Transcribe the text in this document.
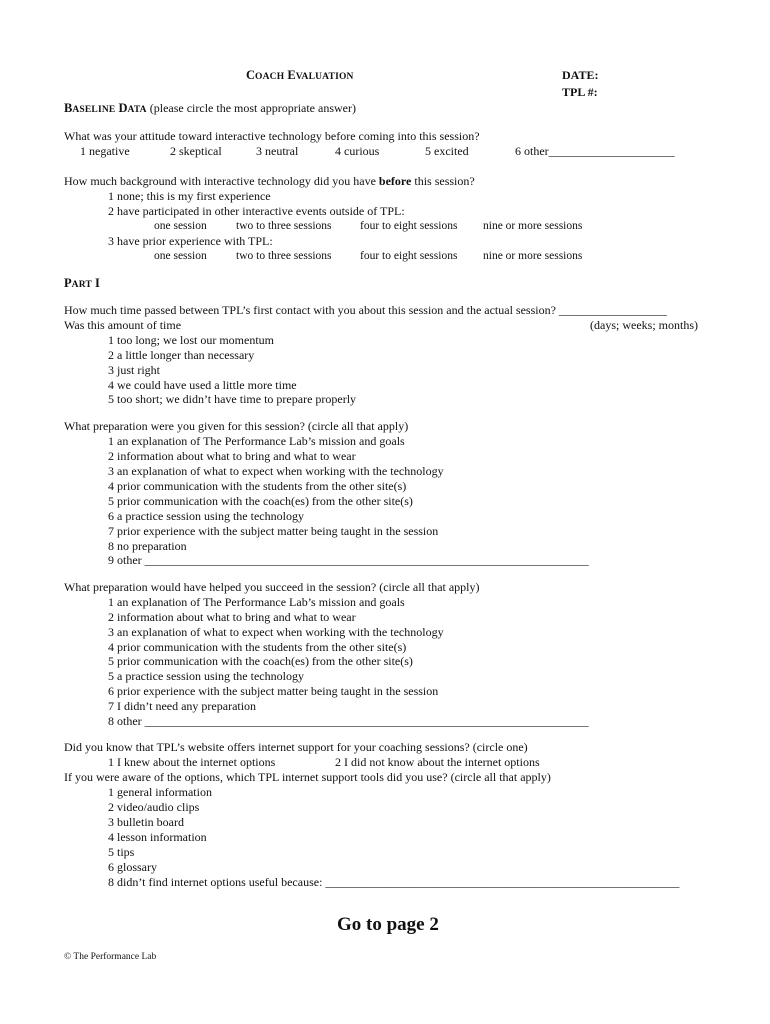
COACH EVALUATION	DATE:
TPL #:
BASELINE DATA (please circle the most appropriate answer)
What was your attitude toward interactive technology before coming into this session?
1 negative	2 skeptical	3 neutral	4 curious	5 excited	6 other_____________________
How much background with interactive technology did you have before this session?
1 none; this is my first experience
2 have participated in other interactive events outside of TPL:
one session	two to three sessions four to eight sessions nine or more sessions
3 have prior experience with TPL:
one session	two to three sessions four to eight sessions nine or more sessions
PART I
How much time passed between TPL’s first contact with you about this session and the actual session? __________________
Was this amount of time	(days; weeks; months)
1 too long; we lost our momentum
2 a little longer than necessary
3 just right
4 we could have used a little more time
5 too short; we didn’t have time to prepare properly
What preparation were you given for this session? (circle all that apply)
1 an explanation of The Performance Lab’s mission and goals
2 information about what to bring and what to wear
3 an explanation of what to expect when working with the technology
4 prior communication with the students from the other site(s)
5 prior communication with the coach(es) from the other site(s)
6 a practice session using the technology
7 prior experience with the subject matter being taught in the session
8 no preparation
9 other __________________________________________________________________________
What preparation would have helped you succeed in the session? (circle all that apply)
1 an explanation of The Performance Lab’s mission and goals
2 information about what to bring and what to wear
3 an explanation of what to expect when working with the technology
4 prior communication with the students from the other site(s)
5 prior communication with the coach(es) from the other site(s)
5 a practice session using the technology
6 prior experience with the subject matter being taught in the session
7 I didn’t need any preparation
8 other __________________________________________________________________________
Did you know that TPL’s website offers internet support for your coaching sessions? (circle one)
1 I knew about the internet options	2 I did not know about the internet options
If you were aware of the options, which TPL internet support tools did you use? (circle all that apply)
1 general information
2 video/audio clips
3 bulletin board
4 lesson information
5 tips
6 glossary
8 didn’t find internet options useful because: ___________________________________________________________
Go to page 2
© The Performance Lab
